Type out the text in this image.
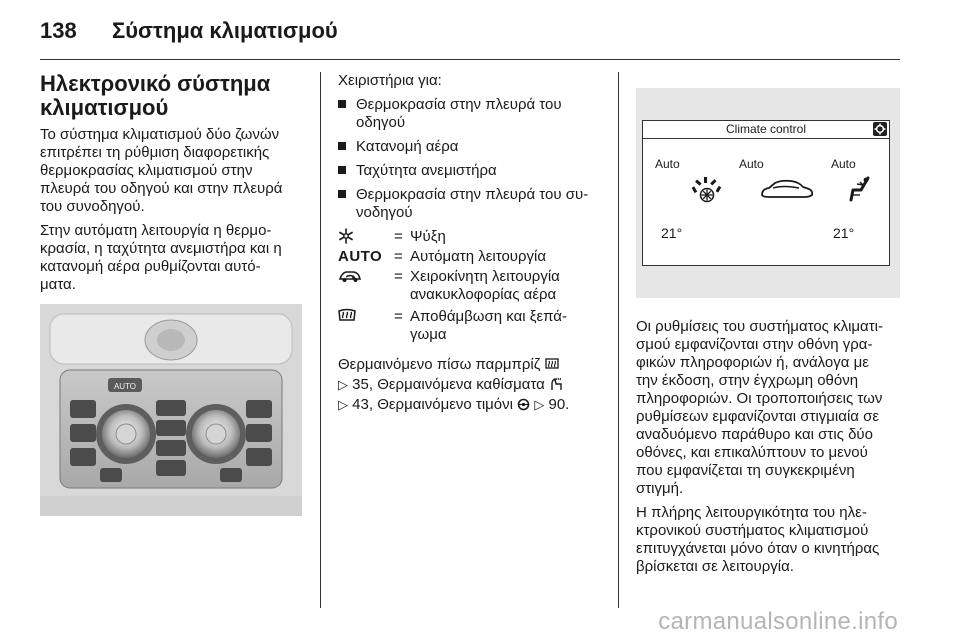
138 Σύστημα κλιματισμού
Ηλεκτρονικό σύστημα
κλιματισμού
Το σύστημα κλιματισμού δύο ζωνών
επιτρέπει τη ρύθμιση διαφορετικής
θερμοκρασίας κλιματισμού στην
πλευρά του οδηγού και στην πλευρά
του συνοδηγού.
Στην αυτόματη λειτουργία η θερμο-
κρασία, η ταχύτητα ανεμιστήρα και η
κατανομή αέρα ρυθμίζονται αυτό-
ματα.
AUTO
Χειριστήρια για:
Θερμοκρασία στην πλευρά του
οδηγού
Κατανομή αέρα
Ταχύτητα ανεμιστήρα
Θερμοκρασία στην πλευρά του συ-
νοδηγού
= Ψύξη
AUTO = Αυτόματη λειτουργία
= Χειροκίνητη λειτουργία
ανακυκλοφορίας αέρα
= Αποθάμβωση και ξεπά-
γωμα
Θερμαινόμενο πίσω παρμπρίζ
▷ 35, Θερμαινόμενα καθίσματα
▷ 43, Θερμαινόμενο τιμόνι ▷ 90.
Climate control
Auto	Auto	Auto
21°	21°
Οι ρυθμίσεις του συστήματος κλιματι-
σμού εμφανίζονται στην οθόνη γρα-
φικών πληροφοριών ή, ανάλογα με
την έκδοση, στην έγχρωμη οθόνη
πληροφοριών. Οι τροποποιήσεις των
ρυθμίσεων εμφανίζονται στιγμιαία σε
αναδυόμενο παράθυρο και στις δύο
οθόνες, και επικαλύπτουν το μενού
που εμφανίζεται τη συγκεκριμένη
στιγμή.
Η πλήρης λειτουργικότητα του ηλε-
κτρονικού συστήματος κλιματισμού
επιτυγχάνεται μόνο όταν ο κινητήρας
βρίσκεται σε λειτουργία.
carmanualsonline.info
